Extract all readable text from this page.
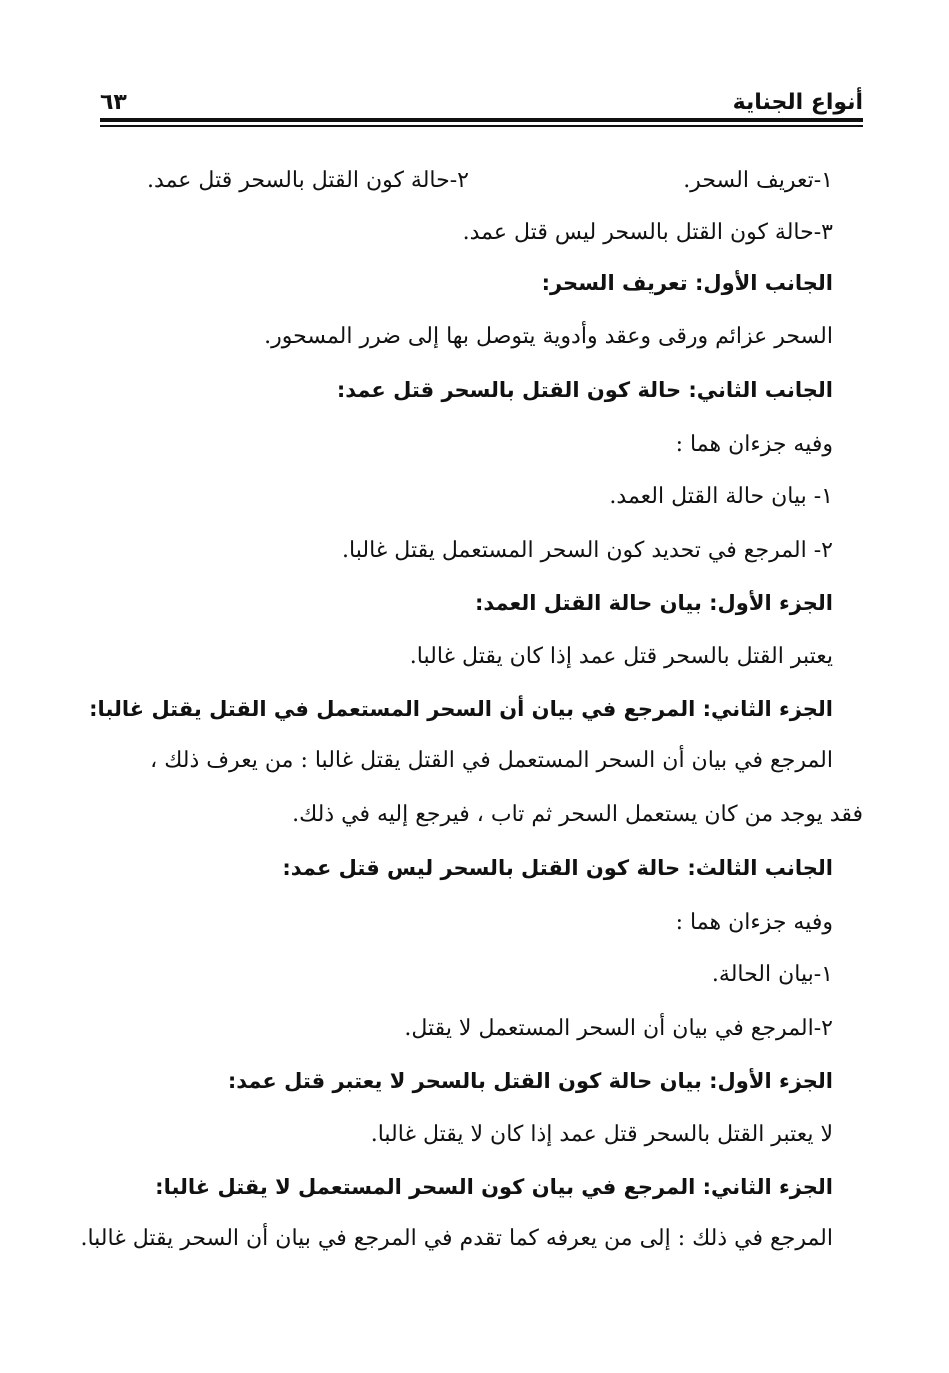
أنواع الجناية
٦٣
١-تعريف السحر.
٢-حالة كون القتل بالسحر قتل عمد.
٣-حالة كون القتل بالسحر ليس قتل عمد.
الجانب الأول: تعريف السحر:
السحر عزائم ورقى وعقد وأدوية يتوصل بها إلى ضرر المسحور.
الجانب الثاني: حالة كون القتل بالسحر قتل عمد:
وفيه جزءان هما :
١- بيان حالة القتل العمد.
٢- المرجع في تحديد كون السحر المستعمل يقتل غالبا.
الجزء الأول: بيان حالة القتل العمد:
يعتبر القتل بالسحر قتل عمد إذا كان يقتل غالبا.
الجزء الثاني: المرجع في بيان أن السحر المستعمل في القتل يقتل غالبا:
المرجع في بيان أن السحر المستعمل في القتل يقتل غالبا : من يعرف ذلك ،
فقد يوجد من كان يستعمل السحر ثم تاب ، فيرجع إليه في ذلك.
الجانب الثالث: حالة كون القتل بالسحر ليس قتل عمد:
وفيه جزءان هما :
١-بيان الحالة.
٢-المرجع في بيان أن السحر المستعمل لا يقتل.
الجزء الأول: بيان حالة كون القتل بالسحر لا يعتبر قتل عمد:
لا يعتبر القتل بالسحر قتل عمد إذا كان لا يقتل غالبا.
الجزء الثاني: المرجع في بيان كون السحر المستعمل لا يقتل غالبا:
المرجع في ذلك : إلى من يعرفه كما تقدم في المرجع في بيان أن السحر يقتل غالبا.
